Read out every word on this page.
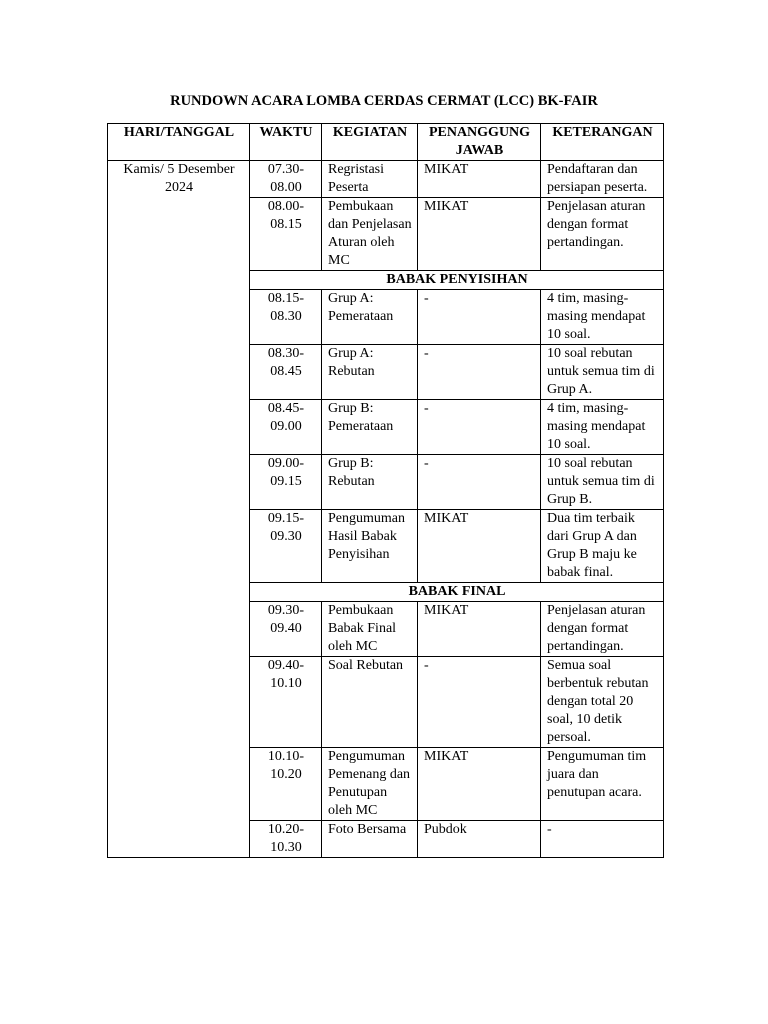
RUNDOWN ACARA LOMBA CERDAS CERMAT (LCC) BK-FAIR
HARI/TANGGAL	WAKTU	KEGIATAN	PENANGGUNG JAWAB	KETERANGAN
Kamis/ 5 Desember 2024	07.30-08.00	Regristasi Peserta	MIKAT	Pendaftaran dan persiapan peserta.
	08.00-08.15	Pembukaan dan Penjelasan Aturan oleh MC	MIKAT	Penjelasan aturan dengan format pertandingan.
	BABAK PENYISIHAN			
	08.15-08.30	Grup A: Pemerataan	-	4 tim, masing-masing mendapat 10 soal.
	08.30-08.45	Grup A: Rebutan	-	10 soal rebutan untuk semua tim di Grup A.
	08.45-09.00	Grup B: Pemerataan	-	4 tim, masing-masing mendapat 10 soal.
	09.00-09.15	Grup B: Rebutan	-	10 soal rebutan untuk semua tim di Grup B.
	09.15-09.30	Pengumuman Hasil Babak Penyisihan	MIKAT	Dua tim terbaik dari Grup A dan Grup B maju ke babak final.
	BABAK FINAL			
	09.30-09.40	Pembukaan Babak Final oleh MC	MIKAT	Penjelasan aturan dengan format pertandingan.
	09.40-10.10	Soal Rebutan	-	Semua soal berbentuk rebutan dengan total 20 soal, 10 detik persoal.
	10.10-10.20	Pengumuman Pemenang dan Penutupan oleh MC	MIKAT	Pengumuman tim juara dan penutupan acara.
	10.20-10.30	Foto Bersama	Pubdok	-
